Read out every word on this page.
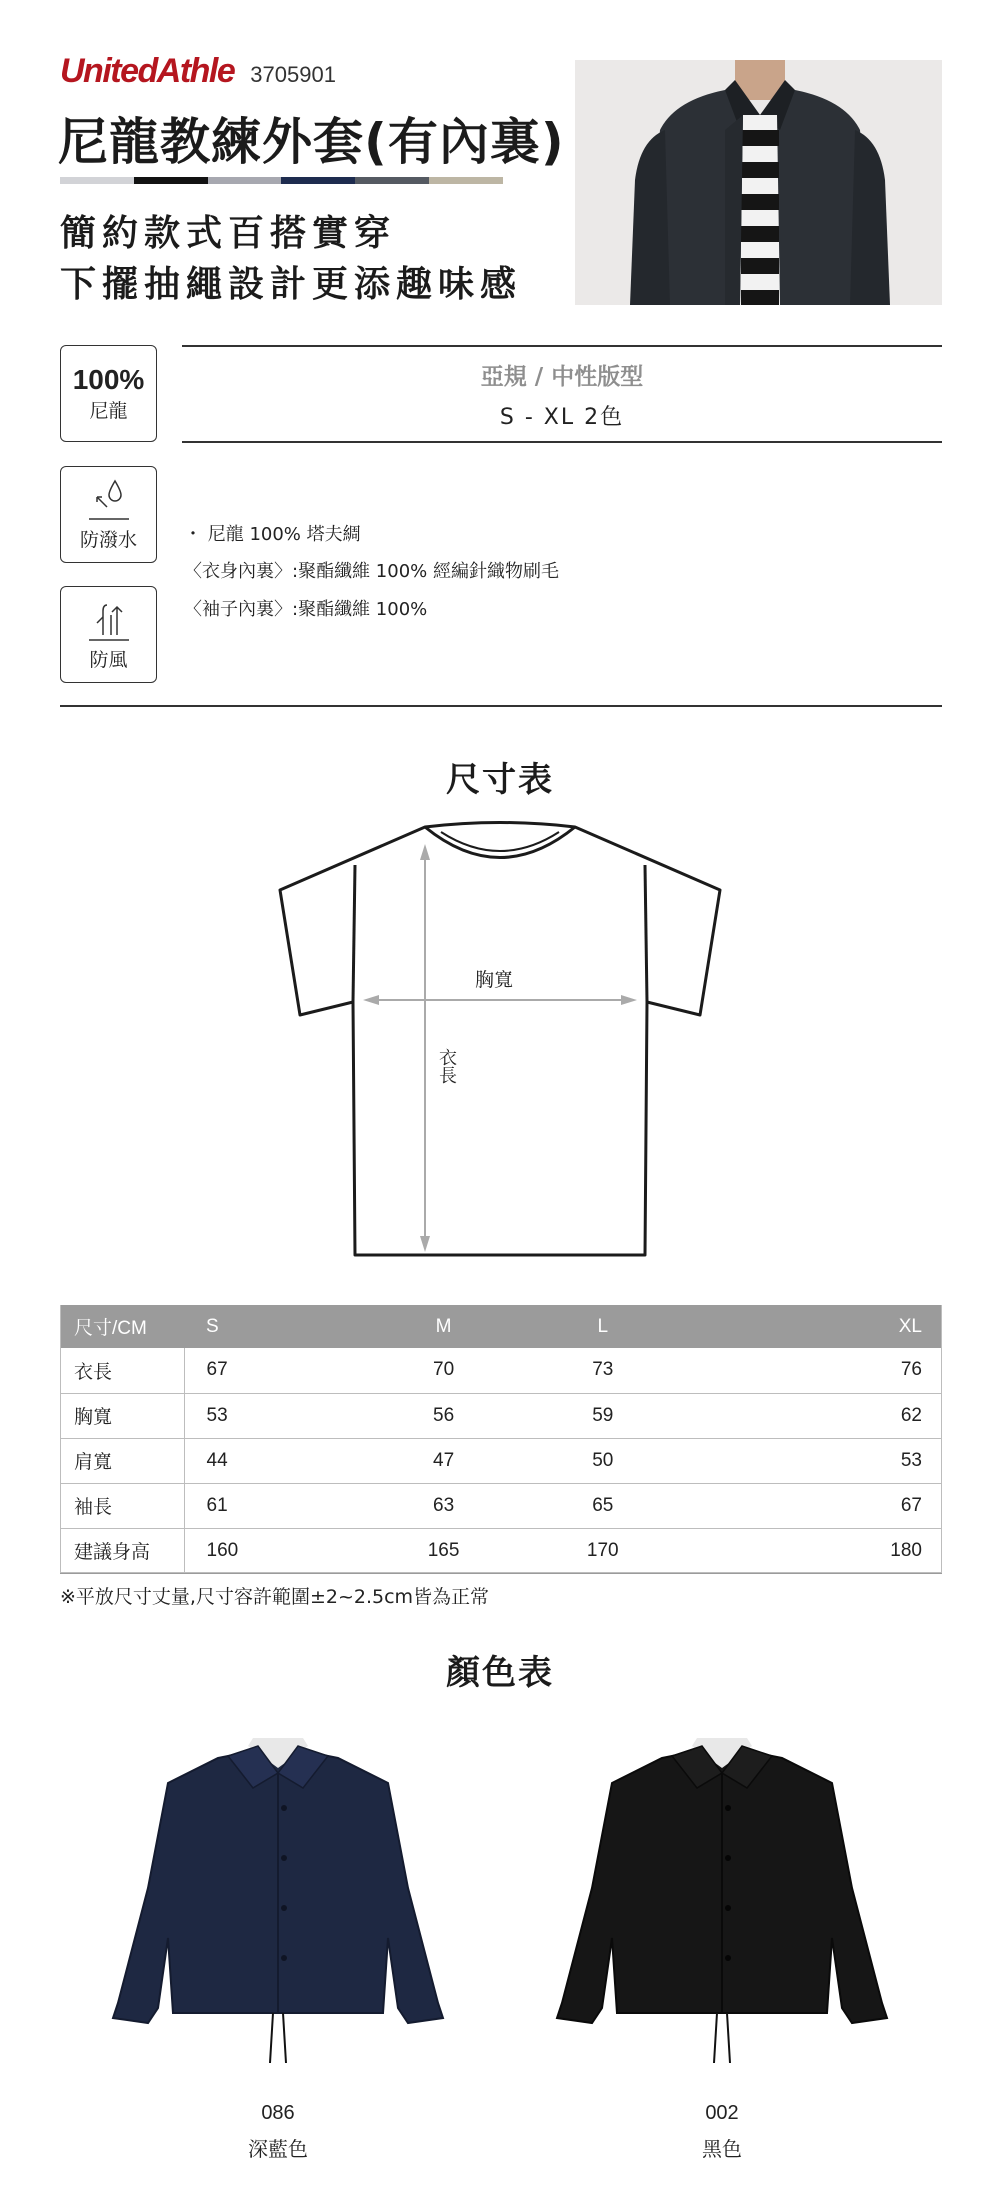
UnitedAthle 3705901
尼龍教練外套(有內裏)
簡約款式百搭實穿
下擺抽繩設計更添趣味感
100%
尼龍
亞規 / 中性版型
S - XL 2色
防潑水
防風
・ 尼龍 100% 塔夫綢
〈衣身內裏〉:聚酯纖維 100% 經編針織物刷毛
〈袖子內裏〉:聚酯纖維 100%
尺寸表
胸寬
衣長
尺寸/CM	S	M	L	XL
衣長	67	70	73	76
胸寬	53	56	59	62
肩寬	44	47	50	53
袖長	61	63	65	67
建議身高	160	165	170	180
※平放尺寸丈量,尺寸容許範圍±2~2.5cm皆為正常
顏色表
086
深藍色
002
黑色
